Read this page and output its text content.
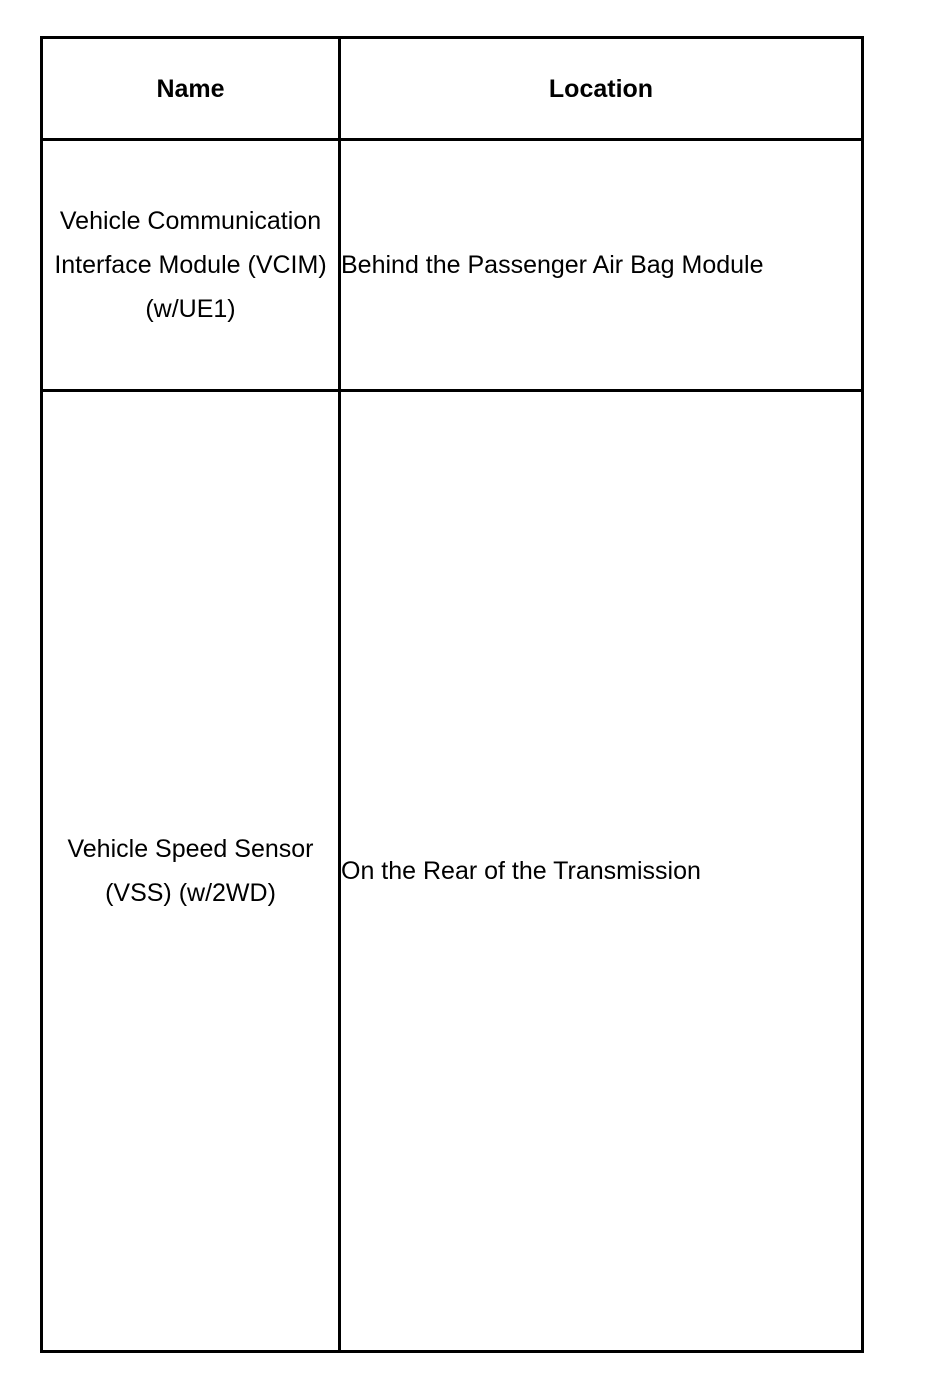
Name	Location

Vehicle Communication Interface Module (VCIM) (w/UE1)	Behind the Passenger Air Bag Module

Vehicle Speed Sensor (VSS) (w/2WD)	On the Rear of the Transmission
